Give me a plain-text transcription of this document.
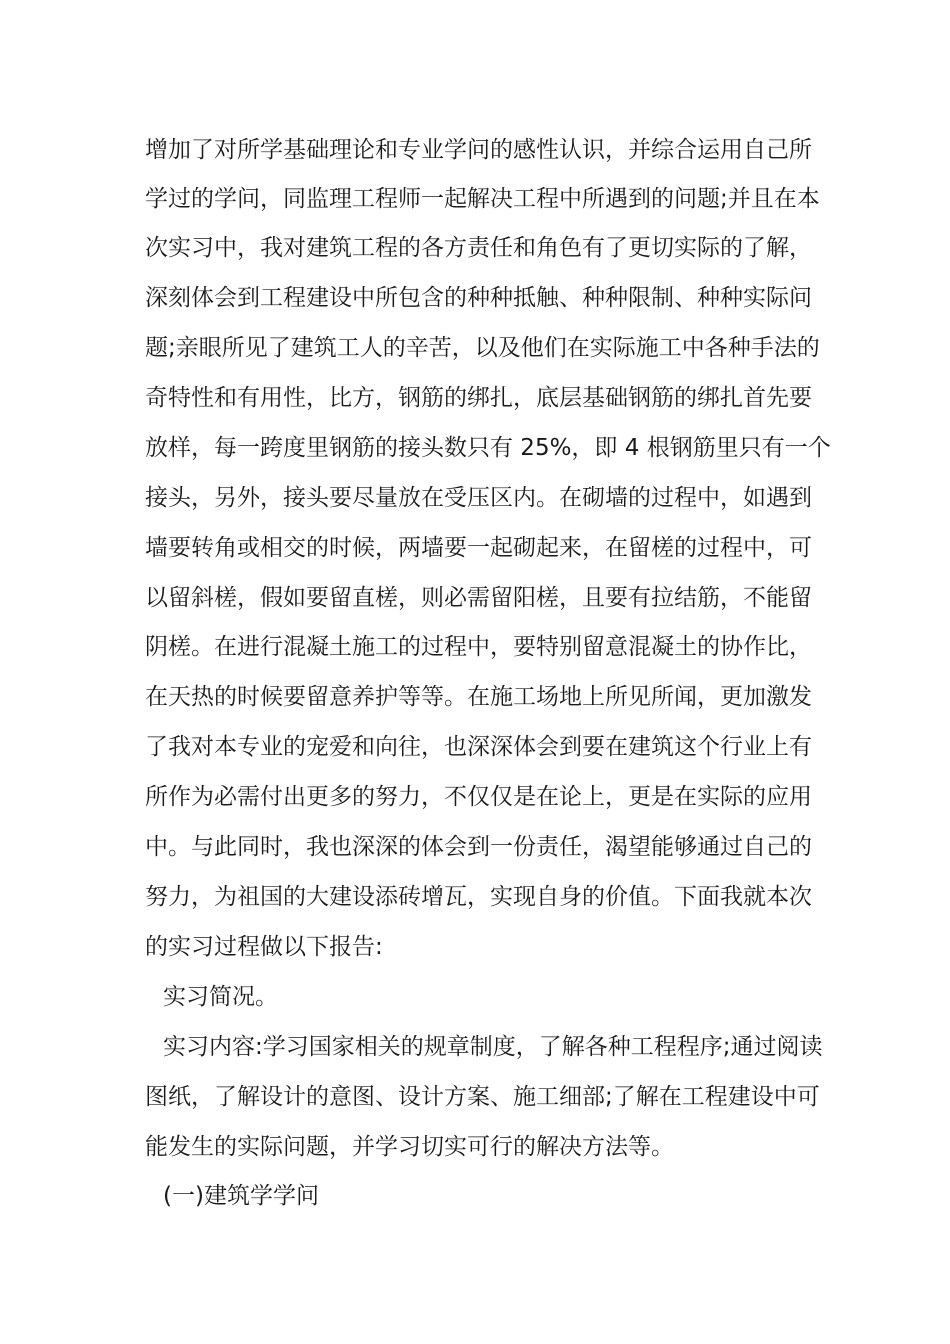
增加了对所学基础理论和专业学问的感性认识，并综合运用自己所
学过的学问，同监理工程师一起解决工程中所遇到的问题;并且在本
次实习中，我对建筑工程的各方责任和角色有了更切实际的了解，
深刻体会到工程建设中所包含的种种抵触、种种限制、种种实际问
题;亲眼所见了建筑工人的辛苦，以及他们在实际施工中各种手法的
奇特性和有用性，比方，钢筋的绑扎，底层基础钢筋的绑扎首先要
放样，每一跨度里钢筋的接头数只有 25%，即 4 根钢筋里只有一个
接头，另外，接头要尽量放在受压区内。在砌墙的过程中，如遇到
墙要转角或相交的时候，两墙要一起砌起来，在留槎的过程中，可
以留斜槎，假如要留直槎，则必需留阳槎，且要有拉结筋，不能留
阴槎。在进行混凝土施工的过程中，要特别留意混凝土的协作比，
在天热的时候要留意养护等等。在施工场地上所见所闻，更加激发
了我对本专业的宠爱和向往，也深深体会到要在建筑这个行业上有
所作为必需付出更多的努力，不仅仅是在论上，更是在实际的应用
中。与此同时，我也深深的体会到一份责任，渴望能够通过自己的
努力，为祖国的大建设添砖增瓦，实现自身的价值。下面我就本次
的实习过程做以下报告:
实习简况。
实习内容:学习国家相关的规章制度，了解各种工程程序;通过阅读
图纸，了解设计的意图、设计方案、施工细部;了解在工程建设中可
能发生的实际问题，并学习切实可行的解决方法等。
(一)建筑学学问
